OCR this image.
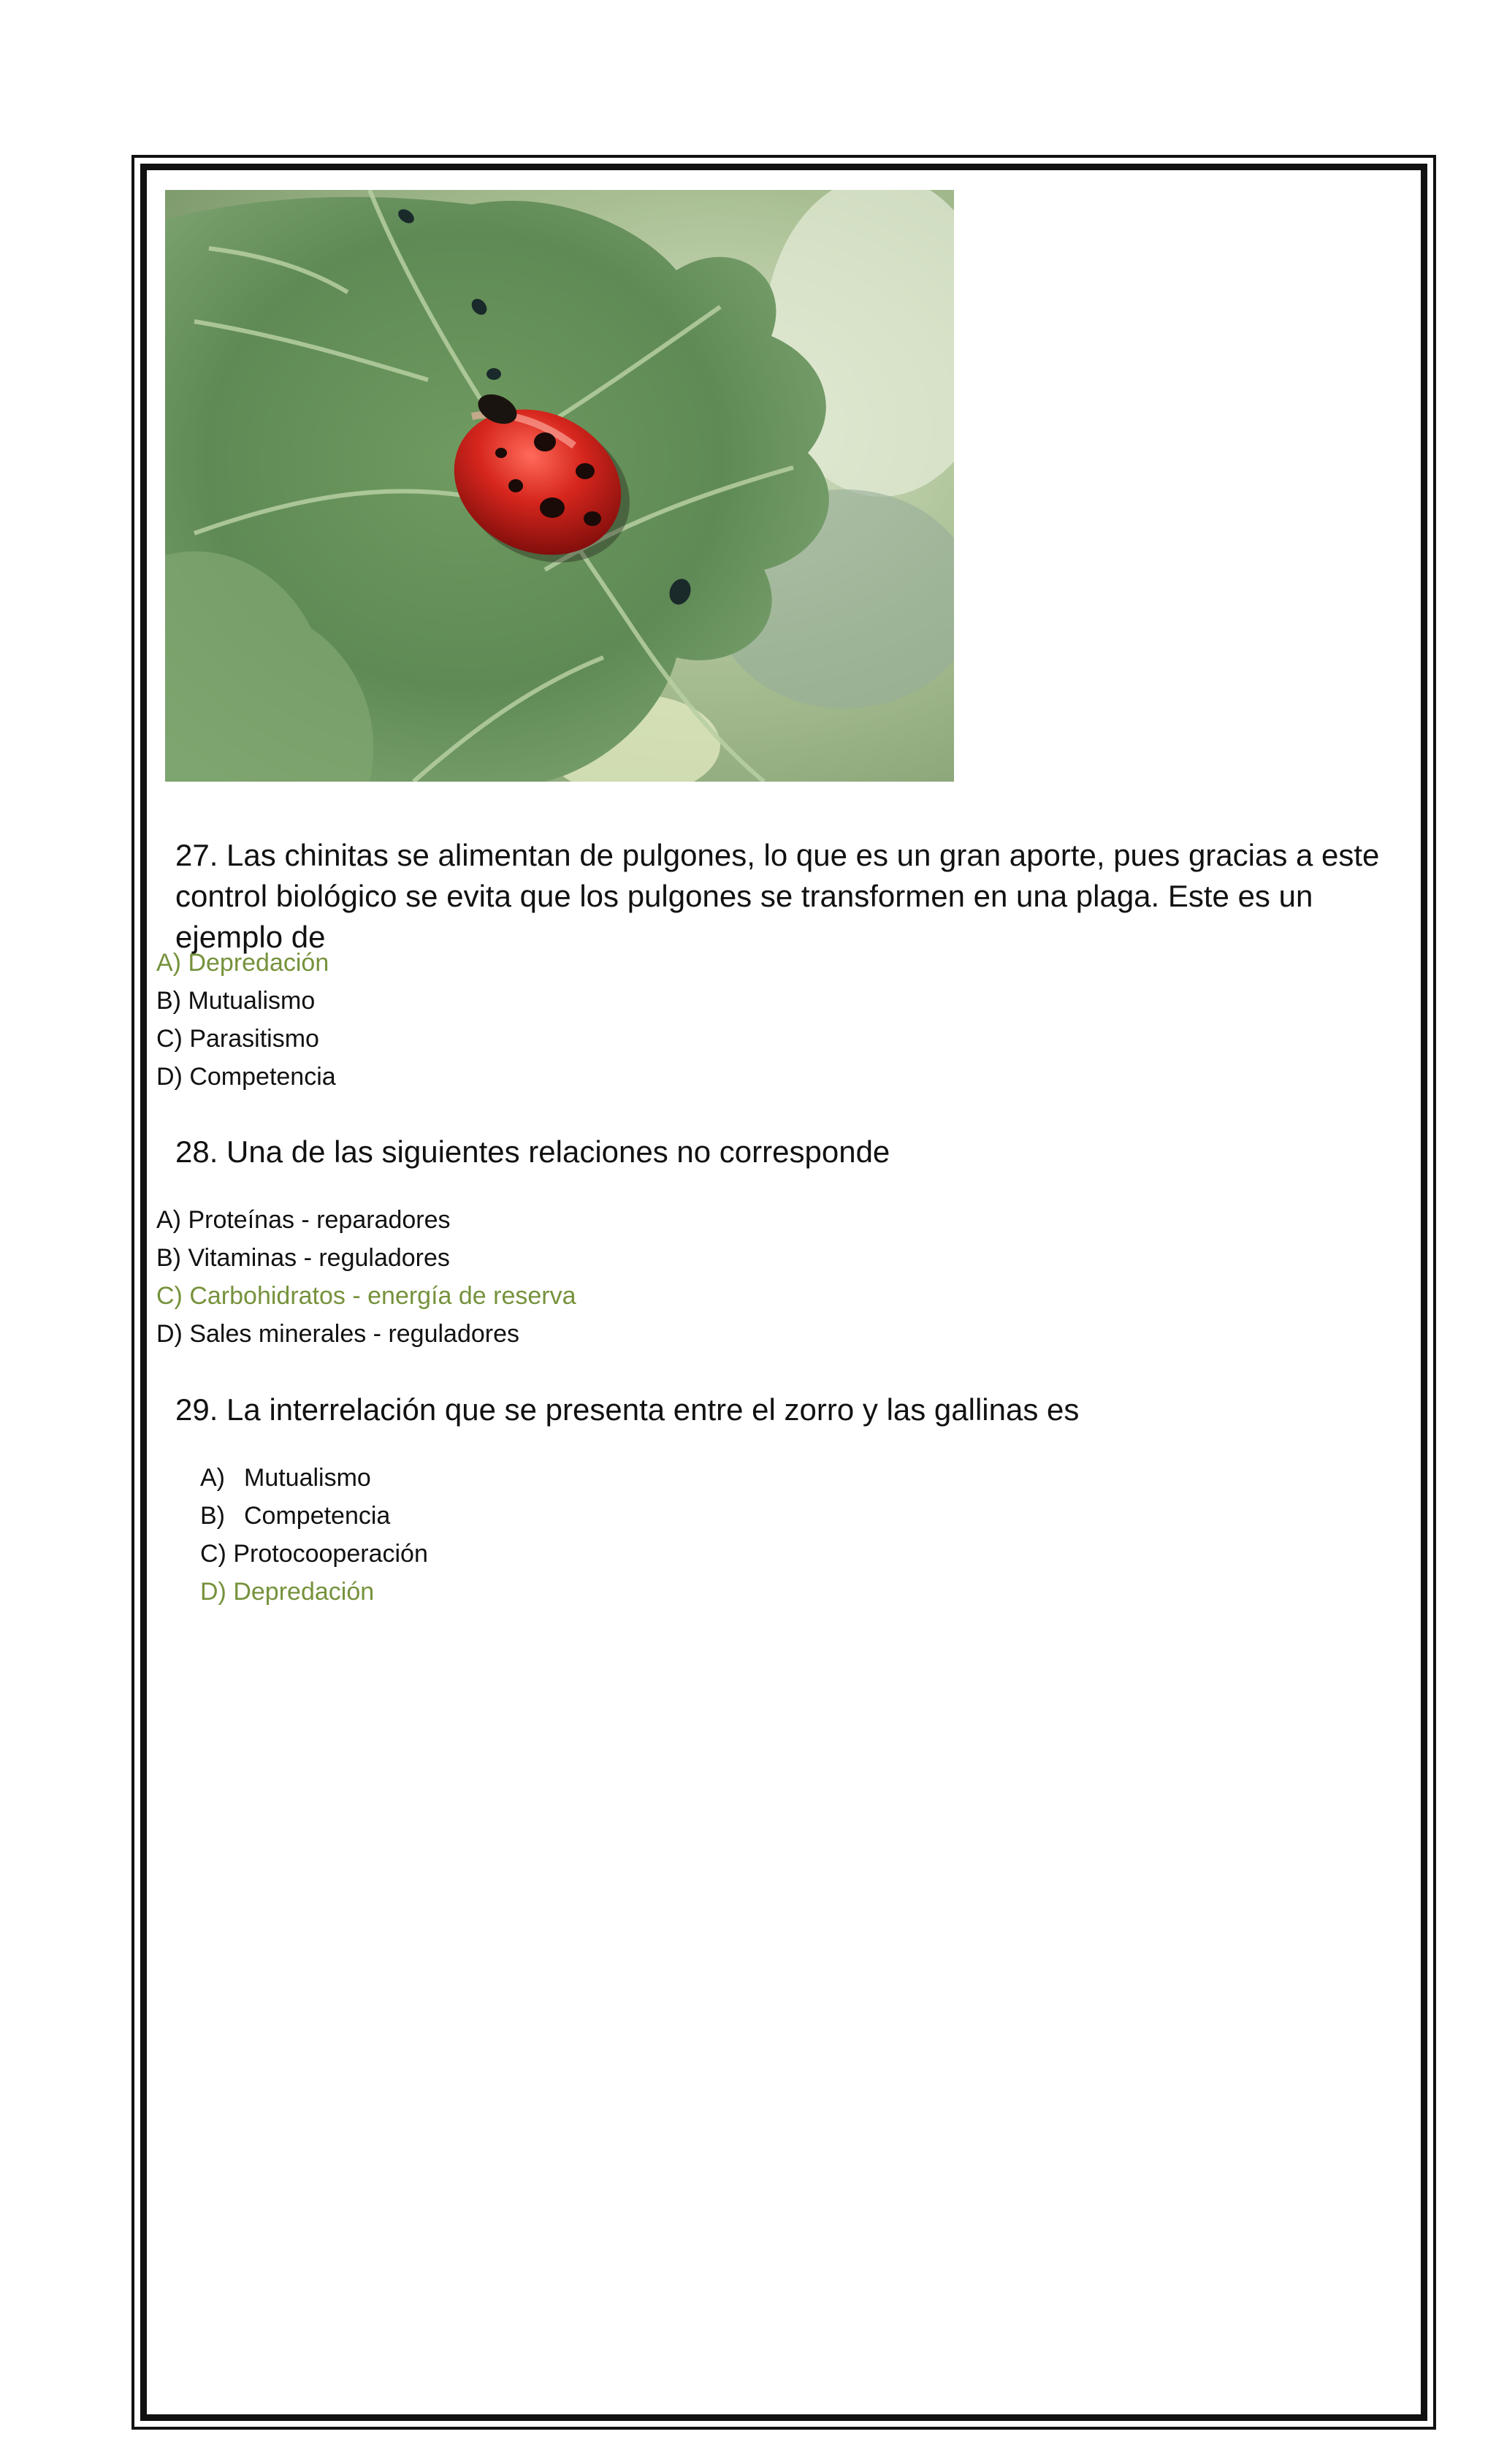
27. Las chinitas se alimentan de pulgones, lo que es un gran aporte, pues gracias a este control biológico se evita que los pulgones se transformen en una plaga. Este es un ejemplo de
A) Depredación
B) Mutualismo
C) Parasitismo
D) Competencia
28. Una de las siguientes relaciones no corresponde
A) Proteínas - reparadores
B) Vitaminas - reguladores
C) Carbohidratos - energía de reserva
D) Sales minerales - reguladores
29. La interrelación que se presenta entre el zorro y las gallinas es
A) Mutualismo
B) Competencia
C) Protocooperación
D) Depredación
